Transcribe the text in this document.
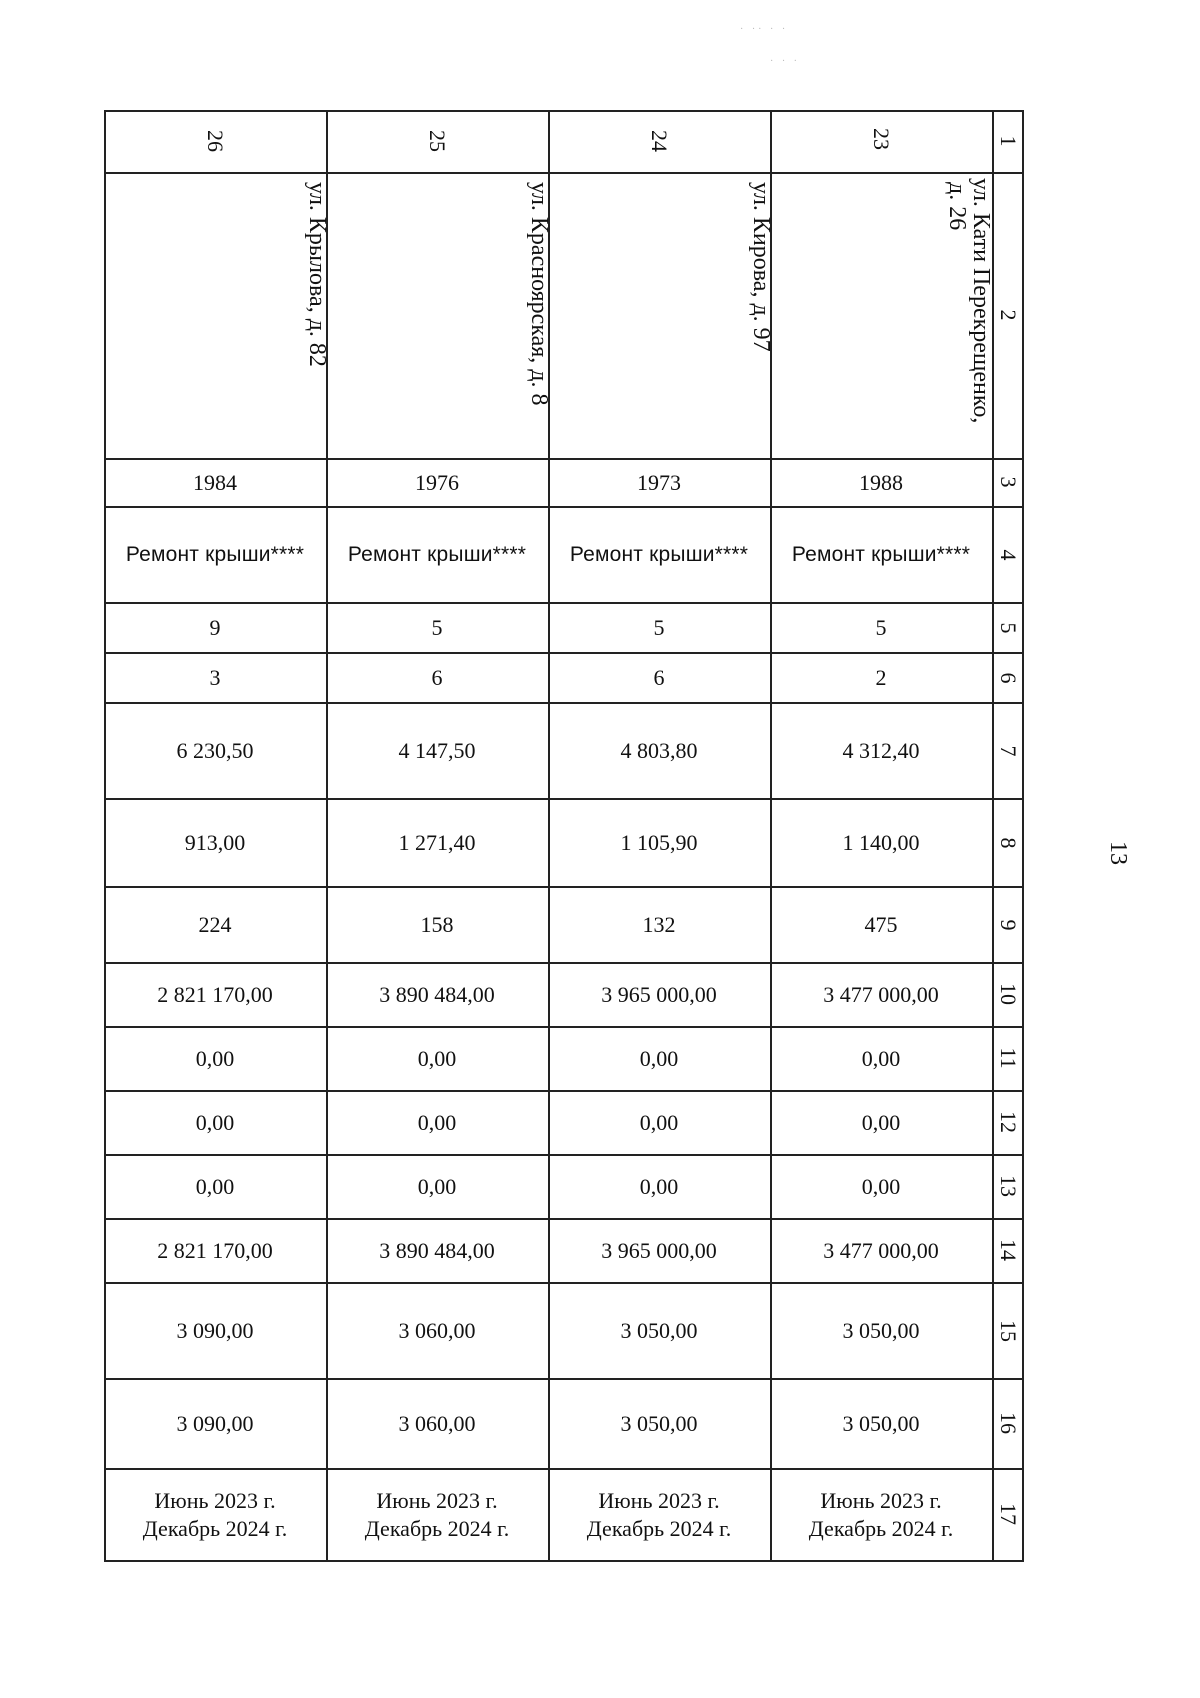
· ·· · ·
· · ·
26
ул. Крылова, д. 82
1984
Ремонт крыши****
9
3
6 230,50
913,00
224
2 821 170,00
0,00
0,00
0,00
2 821 170,00
3 090,00
3 090,00
Июнь 2023 г.
Декабрь 2024 г.
25
ул. Красноярская, д. 8
1976
Ремонт крыши****
5
6
4 147,50
1 271,40
158
3 890 484,00
0,00
0,00
0,00
3 890 484,00
3 060,00
3 060,00
Июнь 2023 г.
Декабрь 2024 г.
24
ул. Кирова, д. 97
1973
Ремонт крыши****
5
6
4 803,80
1 105,90
132
3 965 000,00
0,00
0,00
0,00
3 965 000,00
3 050,00
3 050,00
Июнь 2023 г.
Декабрь 2024 г.
23
ул. Кати Перекрещенко,
д. 26
1988
Ремонт крыши****
5
2
4 312,40
1 140,00
475
3 477 000,00
0,00
0,00
0,00
3 477 000,00
3 050,00
3 050,00
Июнь 2023 г.
Декабрь 2024 г.
1
2
3
4
5
6
7
8
9
10
11
12
13
14
15
16
17
13
